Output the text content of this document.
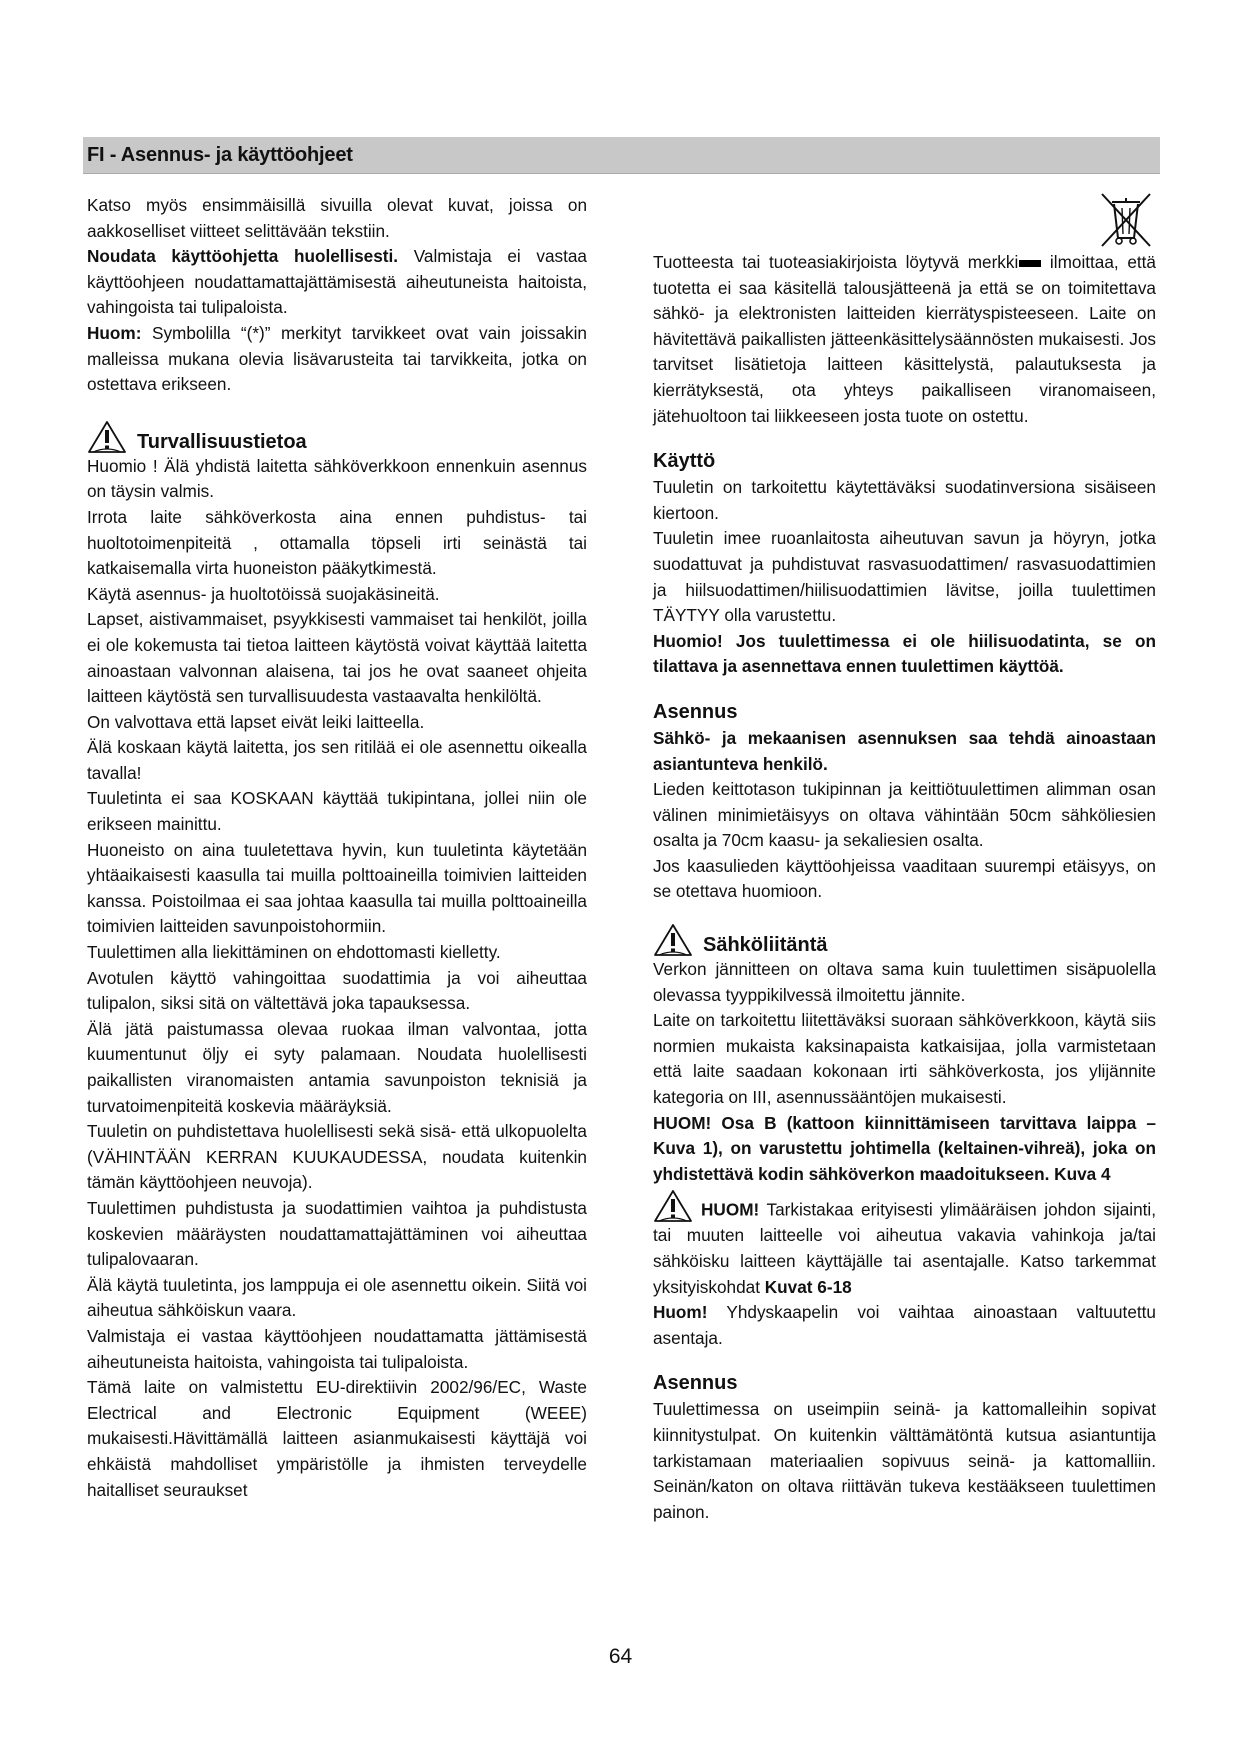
FI - Asennus- ja käyttöohjeet

Katso myös ensimmäisillä sivuilla olevat kuvat, joissa on aakkoselliset viitteet selittävään tekstiin.

Noudata käyttöohjetta huolellisesti. Valmistaja ei vastaa käyttöohjeen noudattamattajättämisestä aiheutuneista haitoista, vahingoista tai tulipaloista.

Huom: Symbolilla “(*)” merkityt tarvikkeet ovat vain joissakin malleissa mukana olevia lisävarusteita tai tarvikkeita, jotka on ostettava erikseen.

Turvallisuustietoa

Huomio ! Älä yhdistä laitetta sähköverkkoon ennenkuin asennus on täysin valmis.

Irrota laite sähköverkosta aina ennen puhdistus- tai huoltotoimenpiteitä , ottamalla töpseli irti seinästä tai katkaisemalla virta huoneiston pääkytkimestä.

Käytä asennus- ja huoltotöissä suojakäsineitä.

Lapset, aistivammaiset, psyykkisesti vammaiset tai henkilöt, joilla ei ole kokemusta tai tietoa laitteen käytöstä voivat käyttää laitetta ainoastaan valvonnan alaisena, tai jos he ovat saaneet ohjeita laitteen käytöstä sen turvallisuudesta vastaavalta henkilöltä.

On valvottava että lapset eivät leiki laitteella.

Älä koskaan käytä laitetta, jos sen ritilää ei ole asennettu oikealla tavalla!

Tuuletinta ei saa KOSKAAN käyttää tukipintana, jollei niin ole erikseen mainittu.

Huoneisto on aina tuuletettava hyvin, kun tuuletinta käytetään yhtäaikaisesti kaasulla tai muilla polttoaineilla toimivien laitteiden kanssa. Poistoilmaa ei saa johtaa kaasulla tai muilla polttoaineilla toimivien laitteiden savunpoistohormiin.

Tuulettimen alla liekittäminen on ehdottomasti kielletty.

Avotulen käyttö vahingoittaa suodattimia ja voi aiheuttaa tulipalon, siksi sitä on vältettävä joka tapauksessa.

Älä jätä paistumassa olevaa ruokaa ilman valvontaa, jotta kuumentunut öljy ei syty palamaan. Noudata huolellisesti paikallisten viranomaisten antamia savunpoiston teknisiä ja turvatoimenpiteitä koskevia määräyksiä.

Tuuletin on puhdistettava huolellisesti sekä sisä- että ulkopuolelta (VÄHINTÄÄN KERRAN KUUKAUDESSA, noudata kuitenkin tämän käyttöohjeen neuvoja).

Tuulettimen puhdistusta ja suodattimien vaihtoa ja puhdistusta koskevien määräysten noudattamattajättäminen voi aiheuttaa tulipalovaaran.

Älä käytä tuuletinta, jos lamppuja ei ole asennettu oikein. Siitä voi aiheutua sähköiskun vaara.

Valmistaja ei vastaa käyttöohjeen noudattamatta jättämisestä aiheutuneista haitoista, vahingoista tai tulipaloista.

Tämä laite on valmistettu EU-direktiivin 2002/96/EC, Waste Electrical and Electronic Equipment (WEEE) mukaisesti.Hävittämällä laitteen asianmukaisesti käyttäjä voi ehkäistä mahdolliset ympäristölle ja ihmisten terveydelle haitalliset seuraukset

Tuotteesta tai tuoteasiakirjoista löytyvä merkki ilmoittaa, että tuotetta ei saa käsitellä talousjätteenä ja että se on toimitettava sähkö- ja elektronisten laitteiden kierrätyspisteeseen. Laite on hävitettävä paikallisten jätteenkäsittelysäännösten mukaisesti. Jos tarvitset lisätietoja laitteen käsittelystä, palautuksesta ja kierrätyksestä, ota yhteys paikalliseen viranomaiseen, jätehuoltoon tai liikkeeseen josta tuote on ostettu.

Käyttö

Tuuletin on tarkoitettu käytettäväksi suodatinversiona sisäiseen kiertoon.

Tuuletin imee ruoanlaitosta aiheutuvan savun ja höyryn, jotka suodattuvat ja puhdistuvat rasvasuodattimen/ rasvasuodattimien ja hiilsuodattimen/hiilisuodattimien lävitse, joilla tuulettimen TÄYTYY olla varustettu.

Huomio! Jos tuulettimessa ei ole hiilisuodatinta, se on tilattava ja asennettava ennen tuulettimen käyttöä.

Asennus

Sähkö- ja mekaanisen asennuksen saa tehdä ainoastaan asiantunteva henkilö.

Lieden keittotason tukipinnan ja keittiötuulettimen alimman osan välinen minimietäisyys on oltava vähintään 50cm sähköliesien osalta ja 70cm kaasu- ja sekaliesien osalta.

Jos kaasulieden käyttöohjeissa vaaditaan suurempi etäisyys, on se otettava huomioon.

Sähköliitäntä

Verkon jännitteen on oltava sama kuin tuulettimen sisäpuolella olevassa tyyppikilvessä ilmoitettu jännite.

Laite on tarkoitettu liitettäväksi suoraan sähköverkkoon, käytä siis normien mukaista kaksinapaista katkaisijaa, jolla varmistetaan että laite saadaan kokonaan irti sähköverkosta, jos ylijännite kategoria on III, asennussääntöjen mukaisesti.

HUOM! Osa B (kattoon kiinnittämiseen tarvittava laippa – Kuva 1), on varustettu johtimella (keltainen-vihreä), joka on yhdistettävä kodin sähköverkon maadoitukseen. Kuva 4

HUOM! Tarkistakaa erityisesti ylimääräisen johdon sijainti, tai muuten laitteelle voi aiheutua vakavia vahinkoja ja/tai sähköisku laitteen käyttäjälle tai asentajalle. Katso tarkemmat yksityiskohdat Kuvat 6-18

Huom! Yhdyskaapelin voi vaihtaa ainoastaan valtuutettu asentaja.

Asennus

Tuulettimessa on useimpiin seinä- ja kattomalleihin sopivat kiinnitystulpat. On kuitenkin välttämätöntä kutsua asiantuntija tarkistamaan materiaalien sopivuus seinä- ja kattomalliin. Seinän/katon on oltava riittävän tukeva kestääkseen tuulettimen painon.

64
